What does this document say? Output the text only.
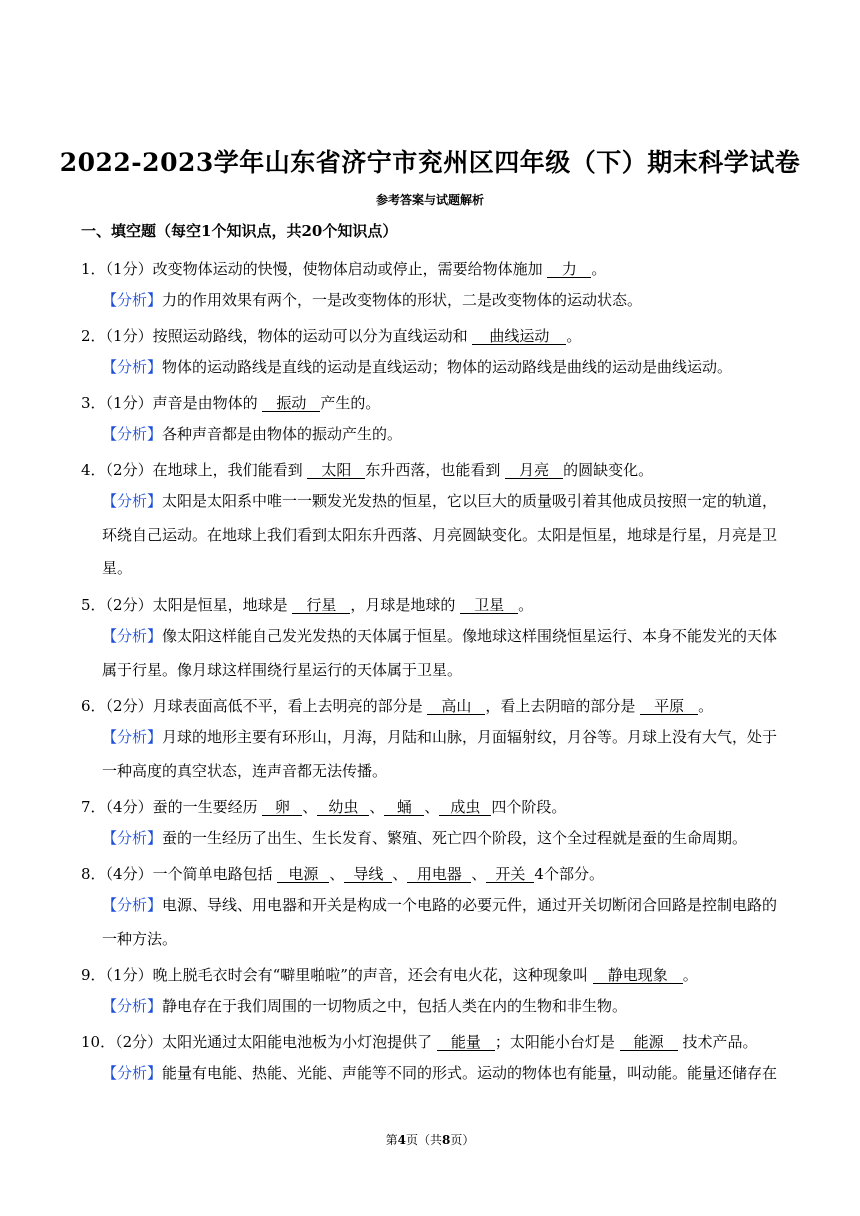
2022-2023学年山东省济宁市兖州区四年级（下）期末科学试卷
参考答案与试题解析
一、填空题（每空1个知识点，共20个知识点）
1．（1分）改变物体运动的快慢，使物体启动或停止，需要给物体施加 力 。
【分析】力的作用效果有两个，一是改变物体的形状，二是改变物体的运动状态。
2．（1分）按照运动路线，物体的运动可以分为直线运动和 曲线运动 。
【分析】物体的运动路线是直线的运动是直线运动；物体的运动路线是曲线的运动是曲线运动。
3．（1分）声音是由物体的 振动 产生的。
【分析】各种声音都是由物体的振动产生的。
4．（2分）在地球上，我们能看到 太阳 东升西落，也能看到 月亮 的圆缺变化。
【分析】太阳是太阳系中唯一一颗发光发热的恒星，它以巨大的质量吸引着其他成员按照一定的轨道，环绕自己运动。在地球上我们看到太阳东升西落、月亮圆缺变化。太阳是恒星，地球是行星，月亮是卫星。
5．（2分）太阳是恒星，地球是 行星 ，月球是地球的 卫星 。
【分析】像太阳这样能自己发光发热的天体属于恒星。像地球这样围绕恒星运行、本身不能发光的天体属于行星。像月球这样围绕行星运行的天体属于卫星。
6．（2分）月球表面高低不平，看上去明亮的部分是 高山 ，看上去阴暗的部分是 平原 。
【分析】月球的地形主要有环形山，月海，月陆和山脉，月面辐射纹，月谷等。月球上没有大气，处于一种高度的真空状态，连声音都无法传播。
7．（4分）蚕的一生要经历 卵 、 幼虫 、 蛹 、 成虫 四个阶段。
【分析】蚕的一生经历了出生、生长发育、繁殖、死亡四个阶段，这个全过程就是蚕的生命周期。
8．（4分）一个简单电路包括 电源 、 导线 、 用电器 、 开关 4个部分。
【分析】电源、导线、用电器和开关是构成一个电路的必要元件，通过开关切断闭合回路是控制电路的一种方法。
9．（1分）晚上脱毛衣时会有“噼里啪啦”的声音，还会有电火花，这种现象叫 静电现象 。
【分析】静电存在于我们周围的一切物质之中，包括人类在内的生物和非生物。
10．（2分）太阳光通过太阳能电池板为小灯泡提供了 能量 ；太阳能小台灯是 能源 技术产品。
【分析】能量有电能、热能、光能、声能等不同的形式。运动的物体也有能量，叫动能。能量还储存在
第4页（共8页）
